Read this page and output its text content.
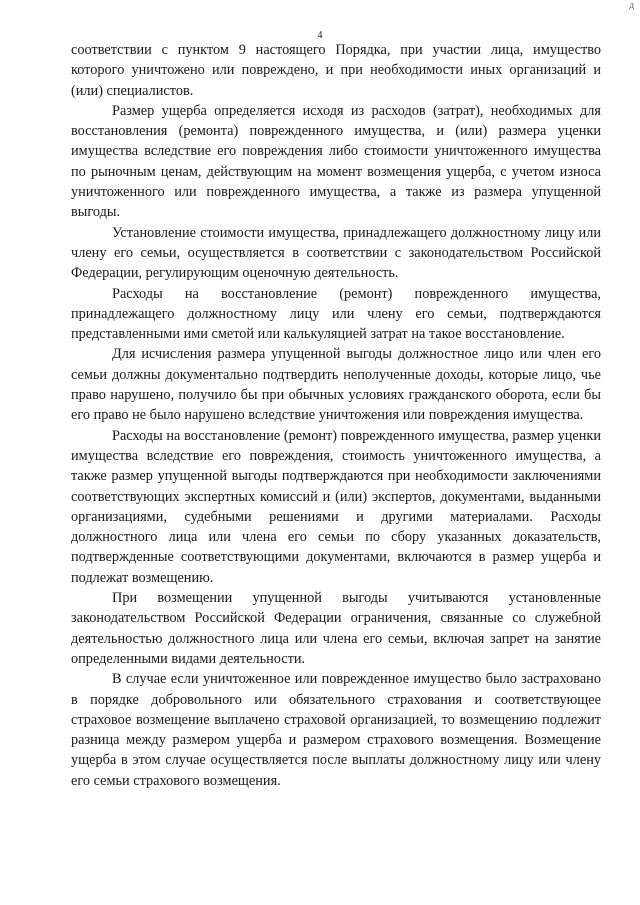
д
4

соответствии с пунктом 9 настоящего Порядка, при участии лица, имущество которого уничтожено или повреждено, и при необходимости иных организаций и (или) специалистов.

Размер ущерба определяется исходя из расходов (затрат), необходимых для восстановления (ремонта) поврежденного имущества, и (или) размера уценки имущества вследствие его повреждения либо стоимости уничтоженного имущества по рыночным ценам, действующим на момент возмещения ущерба, с учетом износа уничтоженного или поврежденного имущества, а также из размера упущенной выгоды.

Установление стоимости имущества, принадлежащего должностному лицу или члену его семьи, осуществляется в соответствии с законодательством Российской Федерации, регулирующим оценочную деятельность.

Расходы на восстановление (ремонт) поврежденного имущества, принадлежащего должностному лицу или члену его семьи, подтверждаются представленными ими сметой или калькуляцией затрат на такое восстановление.

Для исчисления размера упущенной выгоды должностное лицо или член его семьи должны документально подтвердить неполученные доходы, которые лицо, чье право нарушено, получило бы при обычных условиях гражданского оборота, если бы его право не было нарушено вследствие уничтожения или повреждения имущества.

Расходы на восстановление (ремонт) поврежденного имущества, размер уценки имущества вследствие его повреждения, стоимость уничтоженного имущества, а также размер упущенной выгоды подтверждаются при необходимости заключениями соответствующих экспертных комиссий и (или) экспертов, документами, выданными организациями, судебными решениями и другими материалами. Расходы должностного лица или члена его семьи по сбору указанных доказательств, подтвержденные соответствующими документами, включаются в размер ущерба и подлежат возмещению.

При возмещении упущенной выгоды учитываются установленные законодательством Российской Федерации ограничения, связанные со служебной деятельностью должностного лица или члена его семьи, включая запрет на занятие определенными видами деятельности.

В случае если уничтоженное или поврежденное имущество было застраховано в порядке добровольного или обязательного страхования и соответствующее страховое возмещение выплачено страховой организацией, то возмещению подлежит разница между размером ущерба и размером страхового возмещения. Возмещение ущерба в этом случае осуществляется после выплаты должностному лицу или члену его семьи страхового возмещения.
